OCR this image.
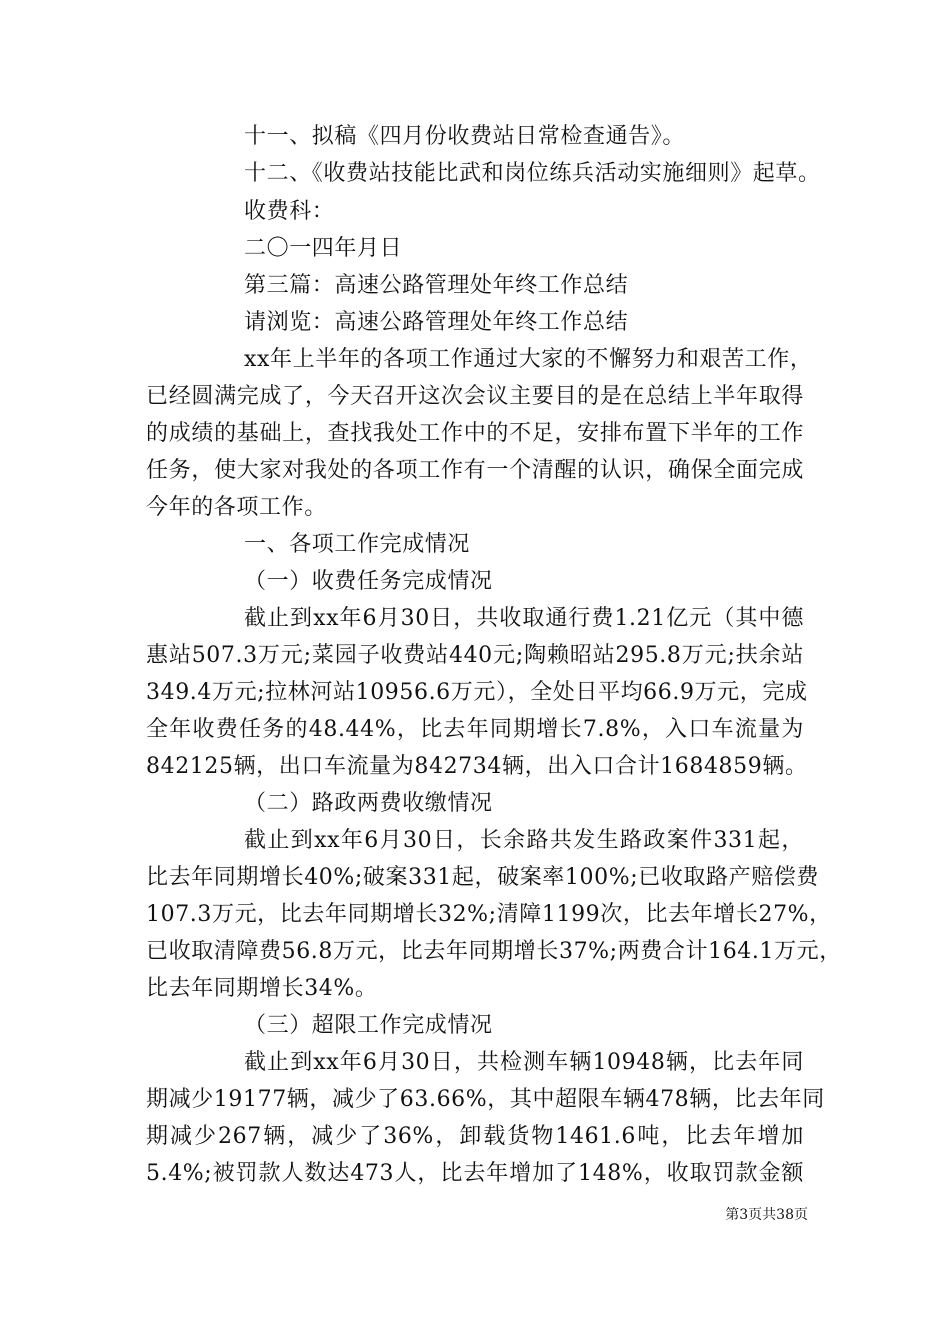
十一、拟稿《四月份收费站日常检查通告》。
十二、《收费站技能比武和岗位练兵活动实施细则》起草。
收费科：
二〇一四年月日
第三篇：高速公路管理处年终工作总结
请浏览：高速公路管理处年终工作总结
xx年上半年的各项工作通过大家的不懈努力和艰苦工作，
已经圆满完成了，今天召开这次会议主要目的是在总结上半年取得
的成绩的基础上，查找我处工作中的不足，安排布置下半年的工作
任务，使大家对我处的各项工作有一个清醒的认识，确保全面完成
今年的各项工作。
一、各项工作完成情况
（一）收费任务完成情况
截止到xx年6月30日，共收取通行费1.21亿元（其中德
惠站507.3万元;菜园子收费站440元;陶赖昭站295.8万元;扶余站
349.4万元;拉林河站10956.6万元），全处日平均66.9万元，完成
全年收费任务的48.44%，比去年同期增长7.8%，入口车流量为
842125辆，出口车流量为842734辆，出入口合计1684859辆。
（二）路政两费收缴情况
截止到xx年6月30日，长余路共发生路政案件331起，
比去年同期增长40%;破案331起，破案率100%;已收取路产赔偿费
107.3万元，比去年同期增长32%;清障1199次，比去年增长27%，
已收取清障费56.8万元，比去年同期增长37%;两费合计164.1万元，
比去年同期增长34%。
（三）超限工作完成情况
截止到xx年6月30日，共检测车辆10948辆，比去年同
期减少19177辆，减少了63.66%，其中超限车辆478辆，比去年同
期减少267辆，减少了36%，卸载货物1461.6吨，比去年增加
5.4%;被罚款人数达473人，比去年增加了148%，收取罚款金额
第3页共38页
